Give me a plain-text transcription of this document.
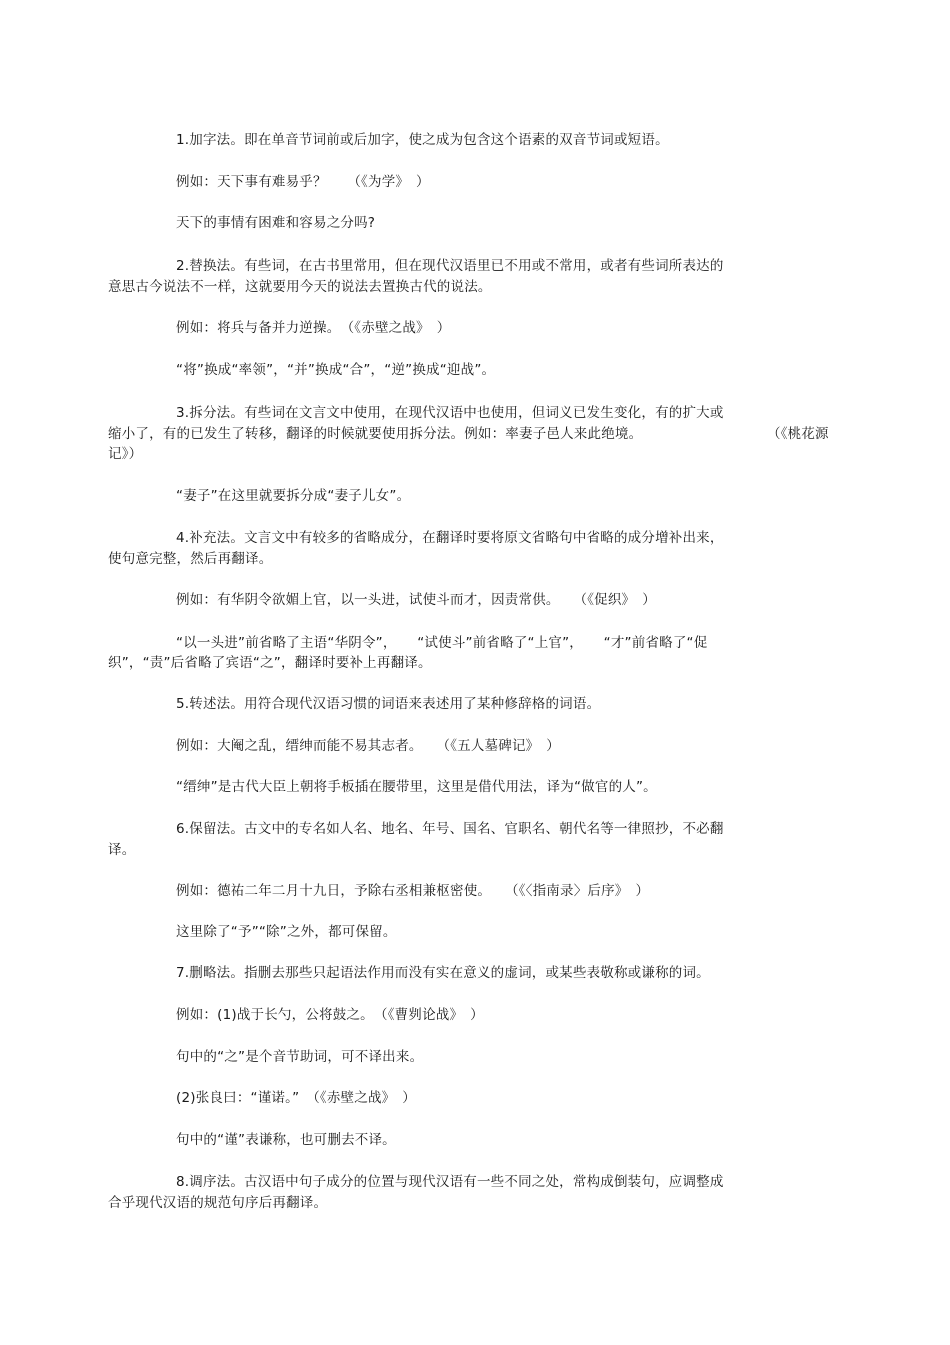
1.加字法。即在单音节词前或后加字，使之成为包含这个语素的双音节词或短语。
例如：天下事有难易乎？　　（《为学》　）
天下的事情有困难和容易之分吗?
2.替换法。有些词，在古书里常用，但在现代汉语里已不用或不常用，或者有些词所表达的
意思古今说法不一样，这就要用今天的说法去置换古代的说法。
例如：将兵与备并力逆操。　（《赤壁之战》　）
“将”换成“率领”，“并”换成“合”，“逆”换成“迎战”。
3.拆分法。有些词在文言文中使用，在现代汉语中也使用，但词义已发生变化，有的扩大或
缩小了，有的已发生了转移，翻译的时候就要使用拆分法。例如：率妻子邑人来此绝境。	（《桃花源
记》）
“妻子”在这里就要拆分成“妻子儿女”。
4.补充法。文言文中有较多的省略成分，在翻译时要将原文省略句中省略的成分增补出来，
使句意完整，然后再翻译。
例如：有华阴令欲媚上官，以一头进，试使斗而才，因责常供。　　（《促织》　）
“以一头进”前省略了主语“华阴令”，　　“试使斗”前省略了“上官”，　　“才”前省略了“促
织”，“责”后省略了宾语“之”，翻译时要补上再翻译。
5.转述法。用符合现代汉语习惯的词语来表述用了某种修辞格的词语。
例如：大阉之乱，缙绅而能不易其志者。　　（《五人墓碑记》　）
“缙绅”是古代大臣上朝将手板插在腰带里，这里是借代用法，译为“做官的人”。
6.保留法。古文中的专名如人名、地名、年号、国名、官职名、朝代名等一律照抄，不必翻
译。
例如：德祐二年二月十九日，予除右丞相兼枢密使。　　（《〈指南录〉后序》　）
这里除了“予”“除”之外，都可保留。
7.删略法。指删去那些只起语法作用而没有实在意义的虚词，或某些表敬称或谦称的词。
例如：(1)战于长勺，公将鼓之。　（《曹刿论战》　）
句中的“之”是个音节助词，可不译出来。
(2)张良曰：“谨诺。”　（《赤壁之战》　）
句中的“谨”表谦称，也可删去不译。
8.调序法。古汉语中句子成分的位置与现代汉语有一些不同之处，常构成倒装句，应调整成
合乎现代汉语的规范句序后再翻译。
